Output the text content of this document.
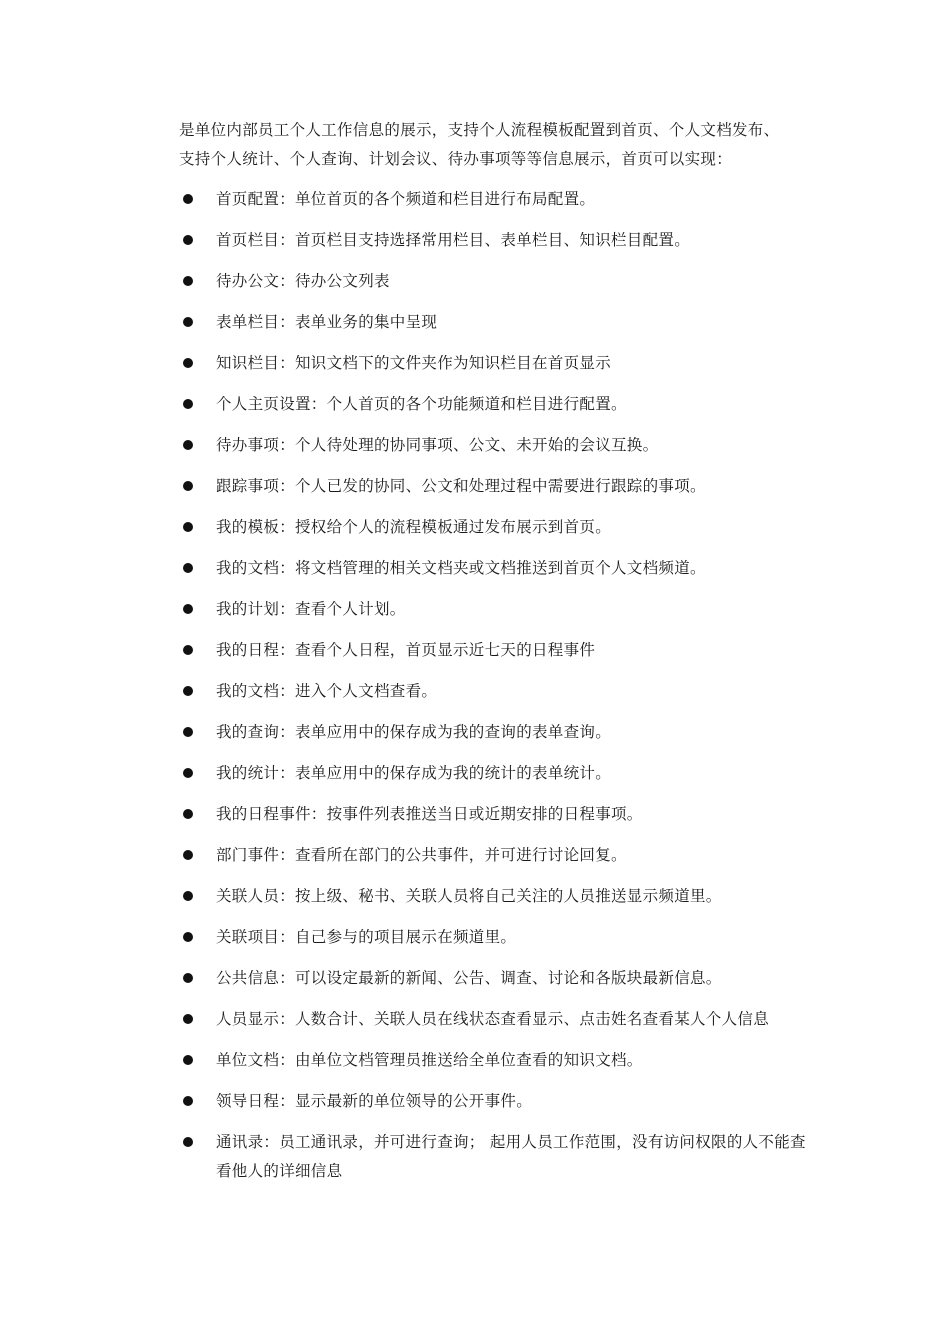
是单位内部员工个人工作信息的展示，支持个人流程模板配置到首页、个人文档发布、

支持个人统计、个人查询、计划会议、待办事项等等信息展示，首页可以实现：

首页配置：单位首页的各个频道和栏目进行布局配置。
首页栏目：首页栏目支持选择常用栏目、表单栏目、知识栏目配置。
待办公文：待办公文列表
表单栏目：表单业务的集中呈现
知识栏目：知识文档下的文件夹作为知识栏目在首页显示
个人主页设置：个人首页的各个功能频道和栏目进行配置。
待办事项：个人待处理的协同事项、公文、未开始的会议互换。
跟踪事项：个人已发的协同、公文和处理过程中需要进行跟踪的事项。
我的模板：授权给个人的流程模板通过发布展示到首页。
我的文档：将文档管理的相关文档夹或文档推送到首页个人文档频道。
我的计划：查看个人计划。
我的日程：查看个人日程，首页显示近七天的日程事件
我的文档：进入个人文档查看。
我的查询：表单应用中的保存成为我的查询的表单查询。
我的统计：表单应用中的保存成为我的统计的表单统计。
我的日程事件：按事件列表推送当日或近期安排的日程事项。
部门事件：查看所在部门的公共事件，并可进行讨论回复。
关联人员：按上级、秘书、关联人员将自己关注的人员推送显示频道里。
关联项目：自己参与的项目展示在频道里。
公共信息：可以设定最新的新闻、公告、调查、讨论和各版块最新信息。
人员显示：人数合计、关联人员在线状态查看显示、点击姓名查看某人个人信息
单位文档：由单位文档管理员推送给全单位查看的知识文档。
领导日程：显示最新的单位领导的公开事件。
通讯录：员工通讯录，并可进行查询； 起用人员工作范围，没有访问权限的人不能查看他人的详细信息
